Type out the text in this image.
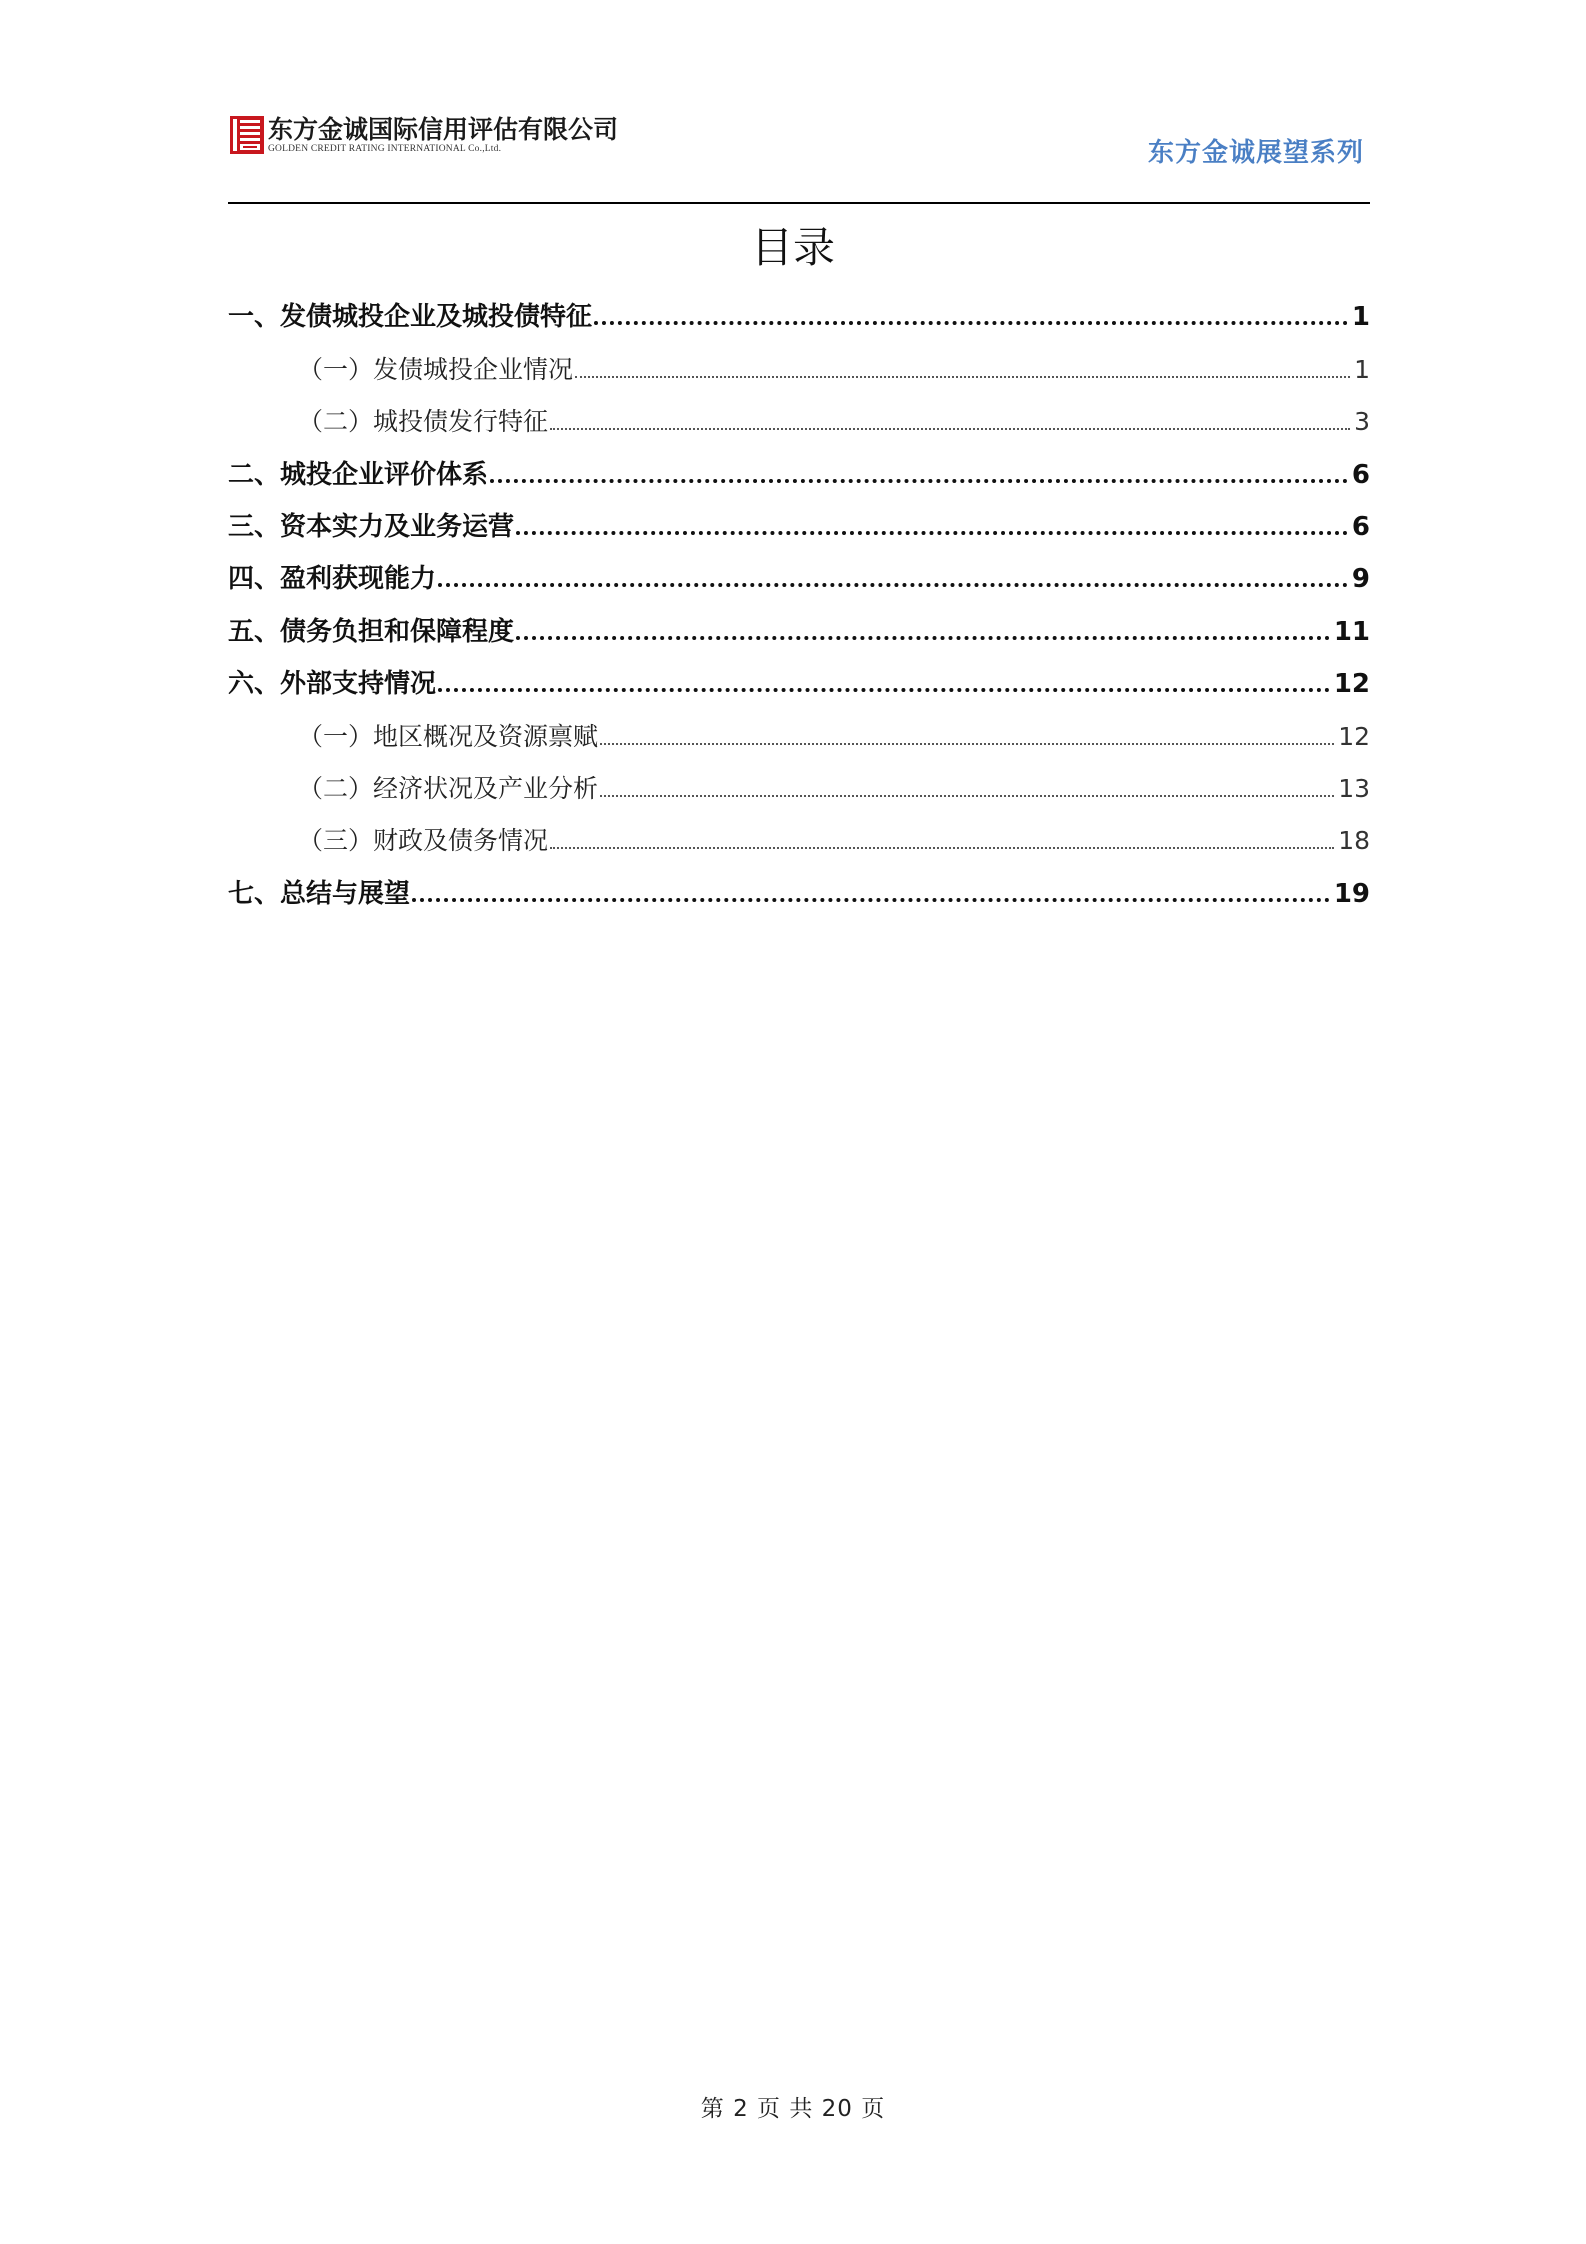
东方金诚国际信用评估有限公司
GOLDEN CREDIT RATING INTERNATIONAL Co.,Ltd.	东方金诚展望系列
目录
一、发债城投企业及城投债特征	1
（一）发债城投企业情况	1
（二）城投债发行特征	3
二、城投企业评价体系	6
三、资本实力及业务运营	6
四、盈利获现能力	9
五、债务负担和保障程度	11
六、外部支持情况	12
（一）地区概况及资源禀赋	12
（二）经济状况及产业分析	13
（三）财政及债务情况	18
七、总结与展望	19
第 2 页 共 20 页
